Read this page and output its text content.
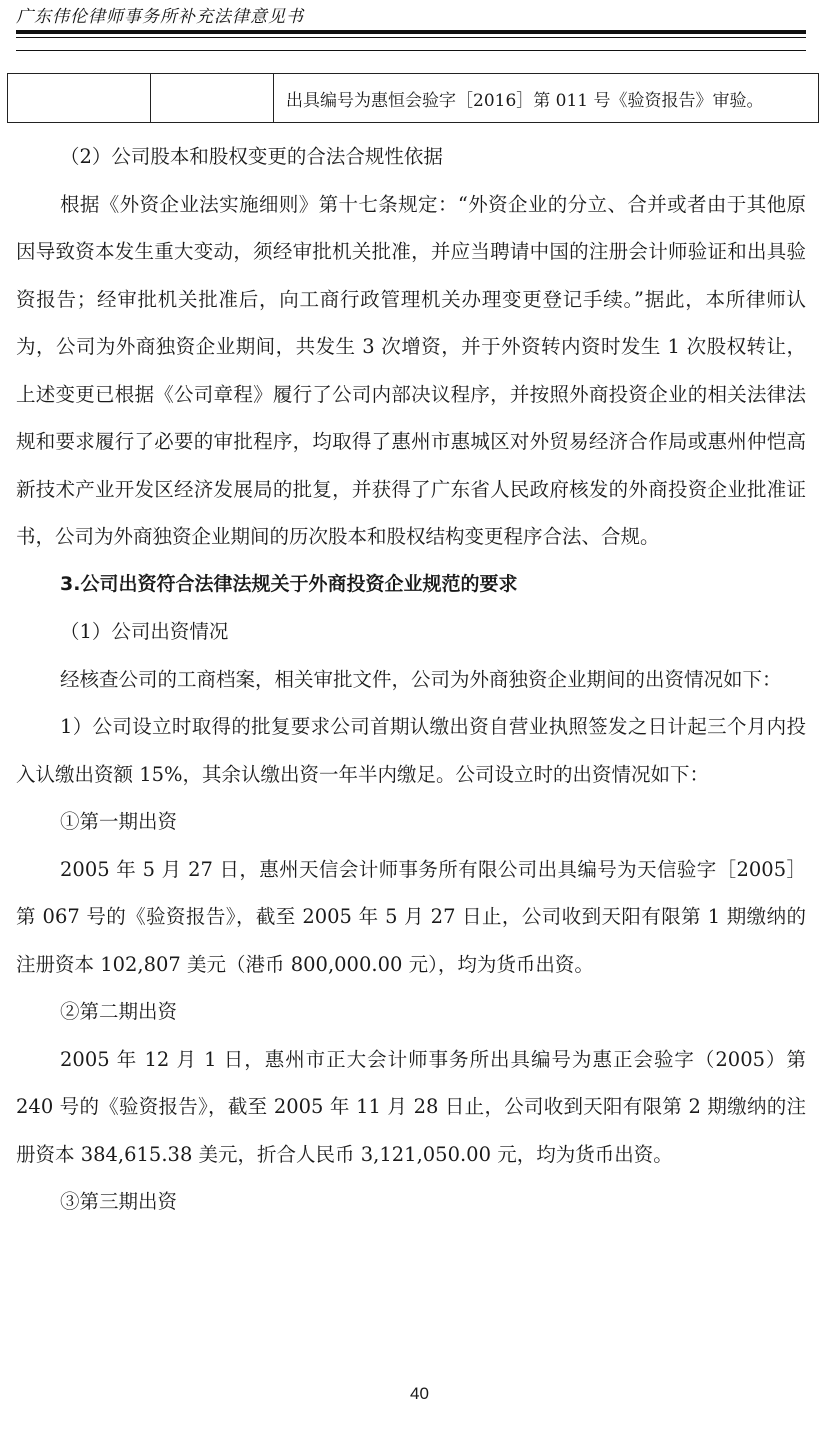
广东伟伦律师事务所补充法律意见书
		出具编号为惠恒会验字［2016］第 011 号《验资报告》审验。

（2）公司股本和股权变更的合法合规性依据

根据《外资企业法实施细则》第十七条规定：“外资企业的分立、合并或者由于其他原因导致资本发生重大变动，须经审批机关批准，并应当聘请中国的注册会计师验证和出具验资报告；经审批机关批准后，向工商行政管理机关办理变更登记手续。”据此，本所律师认为，公司为外商独资企业期间，共发生 3 次增资，并于外资转内资时发生 1 次股权转让，上述变更已根据《公司章程》履行了公司内部决议程序，并按照外商投资企业的相关法律法规和要求履行了必要的审批程序，均取得了惠州市惠城区对外贸易经济合作局或惠州仲恺高新技术产业开发区经济发展局的批复，并获得了广东省人民政府核发的外商投资企业批准证书，公司为外商独资企业期间的历次股本和股权结构变更程序合法、合规。

3.公司出资符合法律法规关于外商投资企业规范的要求

（1）公司出资情况

经核查公司的工商档案，相关审批文件，公司为外商独资企业期间的出资情况如下：

1）公司设立时取得的批复要求公司首期认缴出资自营业执照签发之日计起三个月内投入认缴出资额 15%，其余认缴出资一年半内缴足。公司设立时的出资情况如下：

①第一期出资

2005 年 5 月 27 日，惠州天信会计师事务所有限公司出具编号为天信验字［2005］第 067 号的《验资报告》，截至 2005 年 5 月 27 日止，公司收到天阳有限第 1 期缴纳的注册资本 102,807 美元（港币 800,000.00 元），均为货币出资。

②第二期出资

2005 年 12 月 1 日，惠州市正大会计师事务所出具编号为惠正会验字（2005）第 240 号的《验资报告》，截至 2005 年 11 月 28 日止，公司收到天阳有限第 2 期缴纳的注册资本 384,615.38 美元，折合人民币 3,121,050.00 元，均为货币出资。

③第三期出资

40
